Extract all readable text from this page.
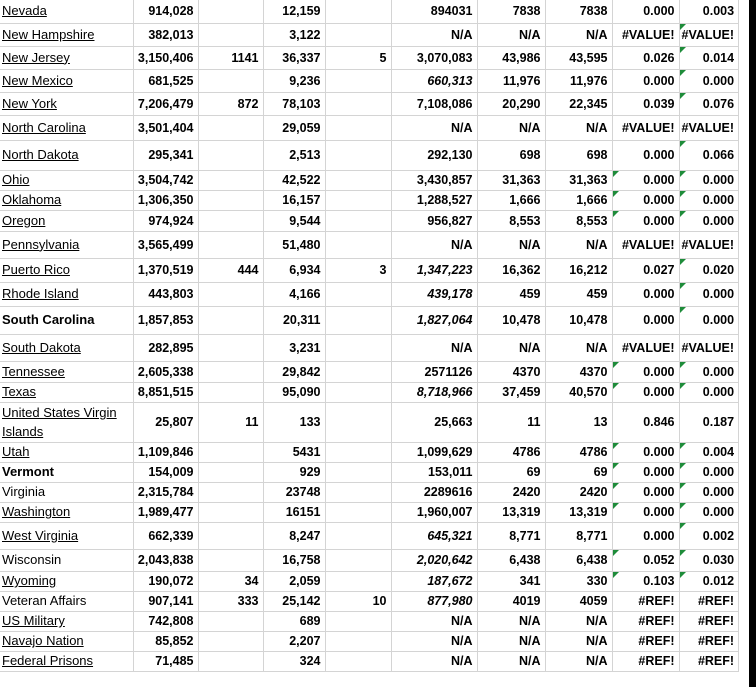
Nevada	914,028		12,159		894031	7838	7838	0.000	0.003
New Hampshire	382,013		3,122		N/A	N/A	N/A	#VALUE!	#VALUE!
New Jersey	3,150,406	1141	36,337	5	3,070,083	43,986	43,595	0.026	0.014
New Mexico	681,525		9,236		660,313	11,976	11,976	0.000	0.000
New York	7,206,479	872	78,103		7,108,086	20,290	22,345	0.039	0.076
North Carolina	3,501,404		29,059		N/A	N/A	N/A	#VALUE!	#VALUE!
North Dakota	295,341		2,513		292,130	698	698	0.000	0.066
Ohio	3,504,742		42,522		3,430,857	31,363	31,363	0.000	0.000
Oklahoma	1,306,350		16,157		1,288,527	1,666	1,666	0.000	0.000
Oregon	974,924		9,544		956,827	8,553	8,553	0.000	0.000
Pennsylvania	3,565,499		51,480		N/A	N/A	N/A	#VALUE!	#VALUE!
Puerto Rico	1,370,519	444	6,934	3	1,347,223	16,362	16,212	0.027	0.020
Rhode Island	443,803		4,166		439,178	459	459	0.000	0.000
South Carolina	1,857,853		20,311		1,827,064	10,478	10,478	0.000	0.000
South Dakota	282,895		3,231		N/A	N/A	N/A	#VALUE!	#VALUE!
Tennessee	2,605,338		29,842		2571126	4370	4370	0.000	0.000
Texas	8,851,515		95,090		8,718,966	37,459	40,570	0.000	0.000
United States Virgin Islands	25,807	11	133		25,663	11	13	0.846	0.187
Utah	1,109,846		5431		1,099,629	4786	4786	0.000	0.004
Vermont	154,009		929		153,011	69	69	0.000	0.000
Virginia	2,315,784		23748		2289616	2420	2420	0.000	0.000
Washington	1,989,477		16151		1,960,007	13,319	13,319	0.000	0.000
West Virginia	662,339		8,247		645,321	8,771	8,771	0.000	0.002
Wisconsin	2,043,838		16,758		2,020,642	6,438	6,438	0.052	0.030
Wyoming	190,072	34	2,059		187,672	341	330	0.103	0.012
Veteran Affairs	907,141	333	25,142	10	877,980	4019	4059	#REF!	#REF!
US Military	742,808		689		N/A	N/A	N/A	#REF!	#REF!
Navajo Nation	85,852		2,207		N/A	N/A	N/A	#REF!	#REF!
Federal Prisons	71,485		324		N/A	N/A	N/A	#REF!	#REF!
